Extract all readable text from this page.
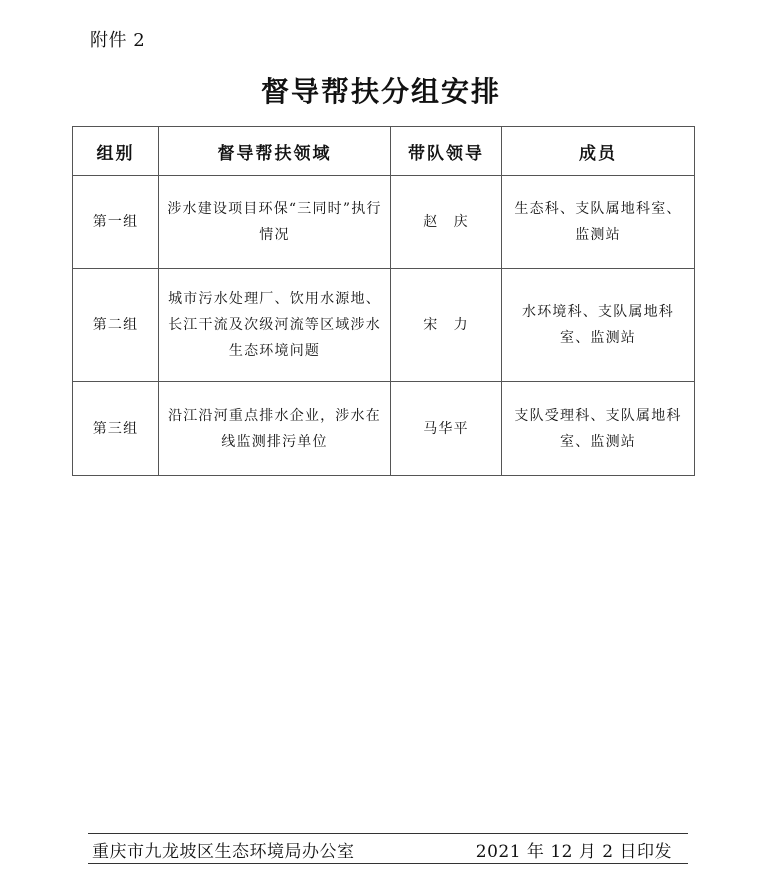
附件 2
督导帮扶分组安排
组别	督导帮扶领域	带队领导	成员
第一组	涉水建设项目环保“三同时”执行情况	赵　庆	生态科、支队属地科室、监测站
第二组	城市污水处理厂、饮用水源地、长江干流及次级河流等区域涉水生态环境问题	宋　力	水环境科、支队属地科室、监测站
第三组	沿江沿河重点排水企业，涉水在线监测排污单位	马华平	支队受理科、支队属地科室、监测站
重庆市九龙坡区生态环境局办公室	2021 年 12 月 2 日印发
